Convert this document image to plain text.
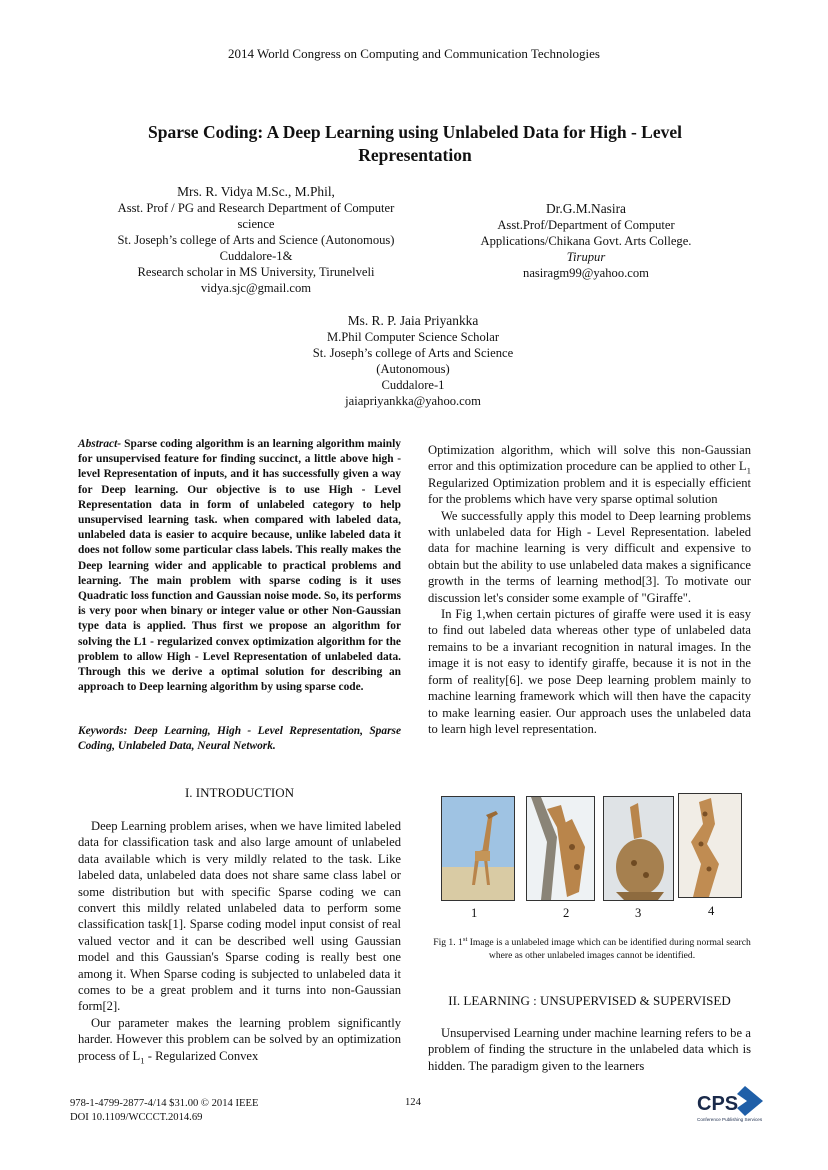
2014 World Congress on Computing and Communication Technologies
Sparse Coding: A Deep Learning using Unlabeled Data for High - Level
Representation
Mrs. R. Vidya M.Sc., M.Phil,
Asst. Prof / PG and Research Department of Computer
science
St. Joseph’s college of Arts and Science (Autonomous)
Cuddalore-1&
Research scholar in MS University, Tirunelveli
vidya.sjc@gmail.com
Dr.G.M.Nasira
Asst.Prof/Department of Computer
Applications/Chikana Govt. Arts College.
Tirupur
nasiragm99@yahoo.com
Ms. R. P. Jaia Priyankka
M.Phil Computer Science Scholar
St. Joseph’s college of Arts and Science
(Autonomous)
Cuddalore-1
jaiapriyankka@yahoo.com
Abstract- Sparse coding algorithm is an learning algorithm mainly for unsupervised feature for finding succinct, a little above high - level Representation of inputs, and it has successfully given a way for Deep learning. Our objective is to use High - Level Representation data in form of unlabeled category to help unsupervised learning task. when compared with labeled data, unlabeled data is easier to acquire because, unlike labeled data it does not follow some particular class labels. This really makes the Deep learning wider and applicable to practical problems and learning. The main problem with sparse coding is it uses Quadratic loss function and Gaussian noise mode. So, its performs is very poor when binary or integer value or other Non-Gaussian type data is applied. Thus first we propose an algorithm for solving the L1 - regularized convex optimization algorithm for the problem to allow High - Level Representation of unlabeled data. Through this we derive a optimal solution for describing an approach to Deep learning algorithm by using sparse code.
Keywords: Deep Learning, High - Level Representation, Sparse Coding, Unlabeled Data, Neural Network.
I. INTRODUCTION

Deep Learning problem arises, when we have limited labeled data for classification task and also large amount of unlabeled data available which is very mildly related to the task. Like labeled data, unlabeled data does not share same class label or some distribution but with specific Sparse coding we can convert this mildly related unlabeled data to perform some classification task[1]. Sparse coding model input consist of real valued vector and it can be described well using Gaussian model and this Gaussian's Sparse coding is really best one among it. When Sparse coding is subjected to unlabeled data it comes to be a great problem and it turns into non-Gaussian form[2].

Our parameter makes the learning problem significantly harder. However this problem can be solved by an optimization process of $L_1$ - Regularized Convex

Optimization algorithm, which will solve this non-Gaussian error and this optimization procedure can be applied to other $L_1$ Regularized Optimization problem and it is especially efficient for the problems which have very sparse optimal solution

We successfully apply this model to Deep learning problems with unlabeled data for High - Level Representation. labeled data for machine learning is very difficult and expensive to obtain but the ability to use unlabeled data makes a significance growth in the terms of learning method[3]. To motivate our discussion let's consider some example of "Giraffe".

In Fig 1,when certain pictures of giraffe were used it is easy to find out labeled data whereas other type of unlabeled data remains to be a invariant recognition in natural images. In the image it is not easy to identify giraffe, because it is not in the form of reality[6]. we pose Deep learning problem mainly to machine learning framework which will then have the capacity to make learning easier. Our approach uses the unlabeled data to learn high level representation.

1	2	3	4
Fig 1. 1st Image is a unlabeled image which can be identified during normal search where as other unlabeled images cannot be identified.
II. LEARNING : UNSUPERVISED & SUPERVISED

Unsupervised Learning under machine learning refers to be a problem of finding the structure in the unlabeled data which is hidden. The paradigm given to the learners

978-1-4799-2877-4/14 $31.00 © 2014 IEEE
DOI 10.1109/WCCCT.2014.69
124	CPS
Conference Publishing Services
